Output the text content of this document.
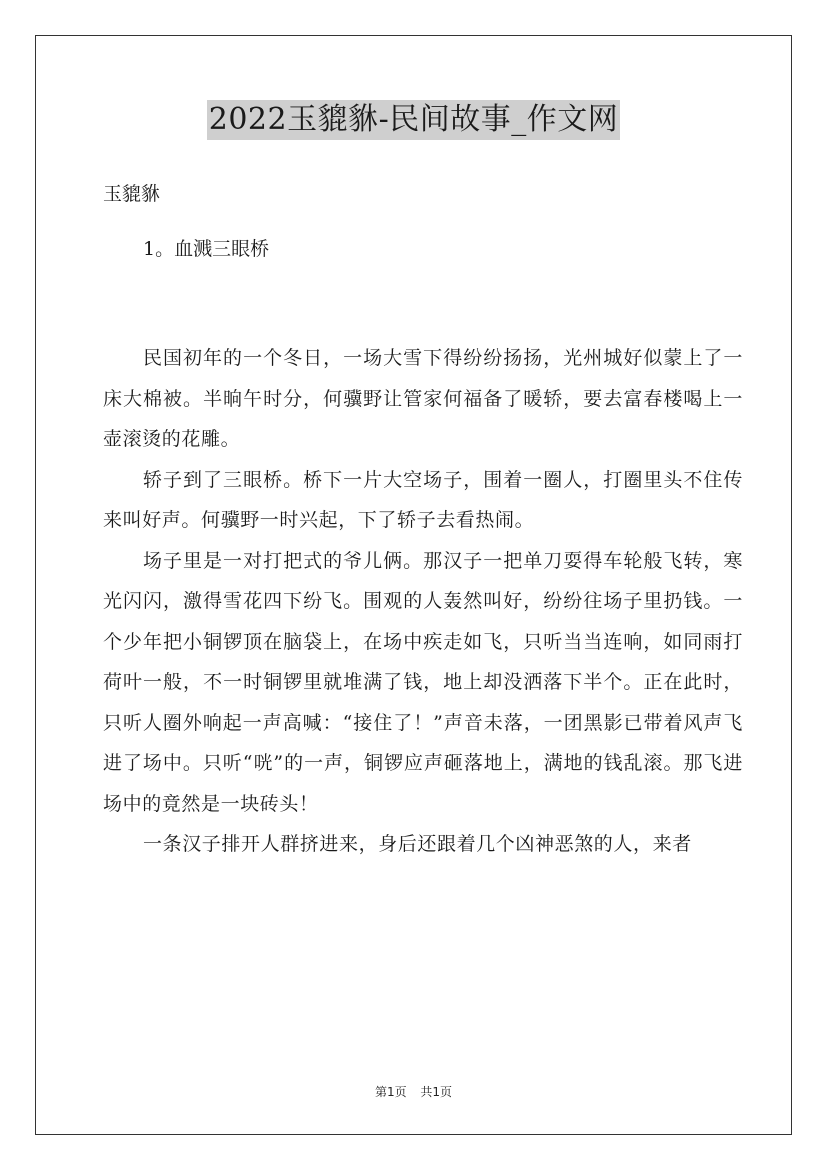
2022玉貔貅-民间故事_作文网
玉貔貅
1。血溅三眼桥

民国初年的一个冬日，一场大雪下得纷纷扬扬，光州城好似蒙上了一床大棉被。半晌午时分，何骥野让管家何福备了暖轿，要去富春楼喝上一壶滚烫的花雕。

轿子到了三眼桥。桥下一片大空场子，围着一圈人，打圈里头不住传来叫好声。何骥野一时兴起，下了轿子去看热闹。

场子里是一对打把式的爷儿俩。那汉子一把单刀耍得车轮般飞转，寒光闪闪，激得雪花四下纷飞。围观的人轰然叫好，纷纷往场子里扔钱。一个少年把小铜锣顶在脑袋上，在场中疾走如飞，只听当当连响，如同雨打荷叶一般，不一时铜锣里就堆满了钱，地上却没洒落下半个。正在此时，只听人圈外响起一声高喊：“接住了！”声音未落，一团黑影已带着风声飞进了场中。只听“咣”的一声，铜锣应声砸落地上，满地的钱乱滚。那飞进场中的竟然是一块砖头！

一条汉子排开人群挤进来，身后还跟着几个凶神恶煞的人，来者

第1页 共1页
